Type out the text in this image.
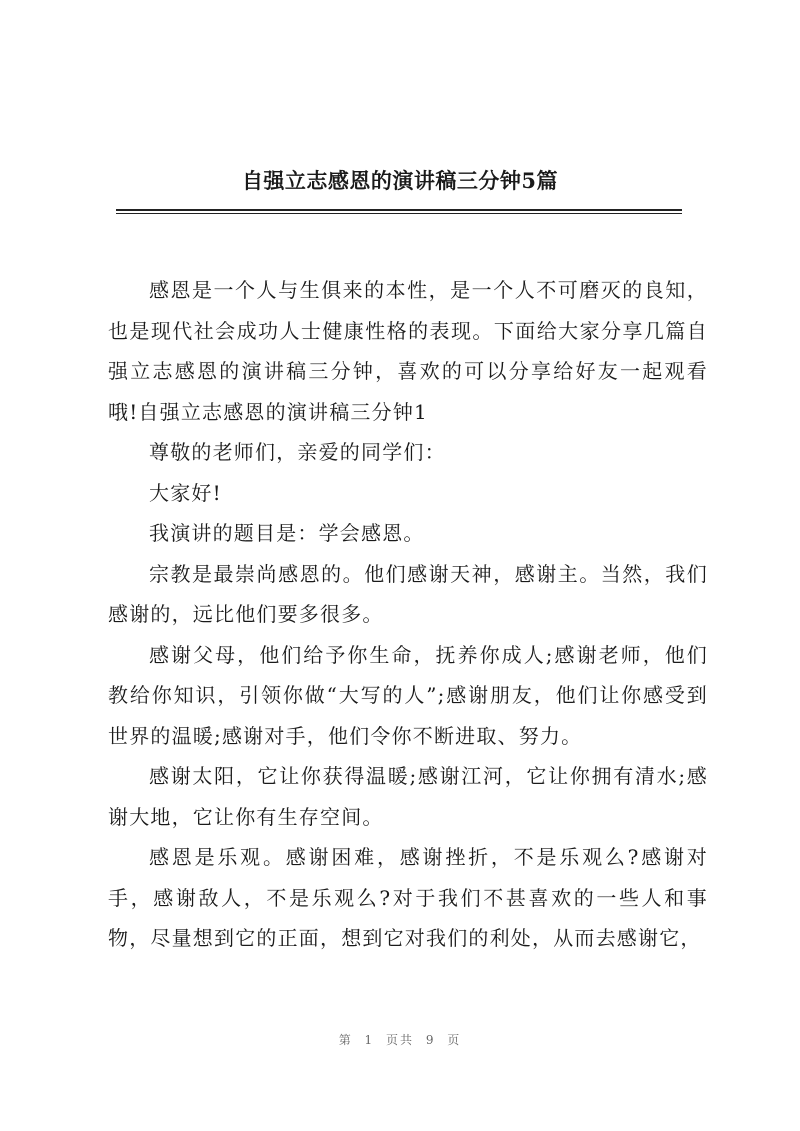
自强立志感恩的演讲稿三分钟5篇

感恩是一个人与生俱来的本性，是一个人不可磨灭的良知，也是现代社会成功人士健康性格的表现。下面给大家分享几篇自强立志感恩的演讲稿三分钟，喜欢的可以分享给好友一起观看哦!自强立志感恩的演讲稿三分钟1

尊敬的老师们，亲爱的同学们：

大家好!

我演讲的题目是：学会感恩。

宗教是最崇尚感恩的。他们感谢天神，感谢主。当然，我们感谢的，远比他们要多很多。

感谢父母，他们给予你生命，抚养你成人;感谢老师，他们教给你知识，引领你做“大写的人”;感谢朋友，他们让你感受到世界的温暖;感谢对手，他们令你不断进取、努力。

感谢太阳，它让你获得温暖;感谢江河，它让你拥有清水;感谢大地，它让你有生存空间。

感恩是乐观。感谢困难，感谢挫折，不是乐观么?感谢对手，感谢敌人，不是乐观么?对于我们不甚喜欢的一些人和事物，尽量想到它的正面，想到它对我们的利处，从而去感谢它，

第 1 页共 9 页
